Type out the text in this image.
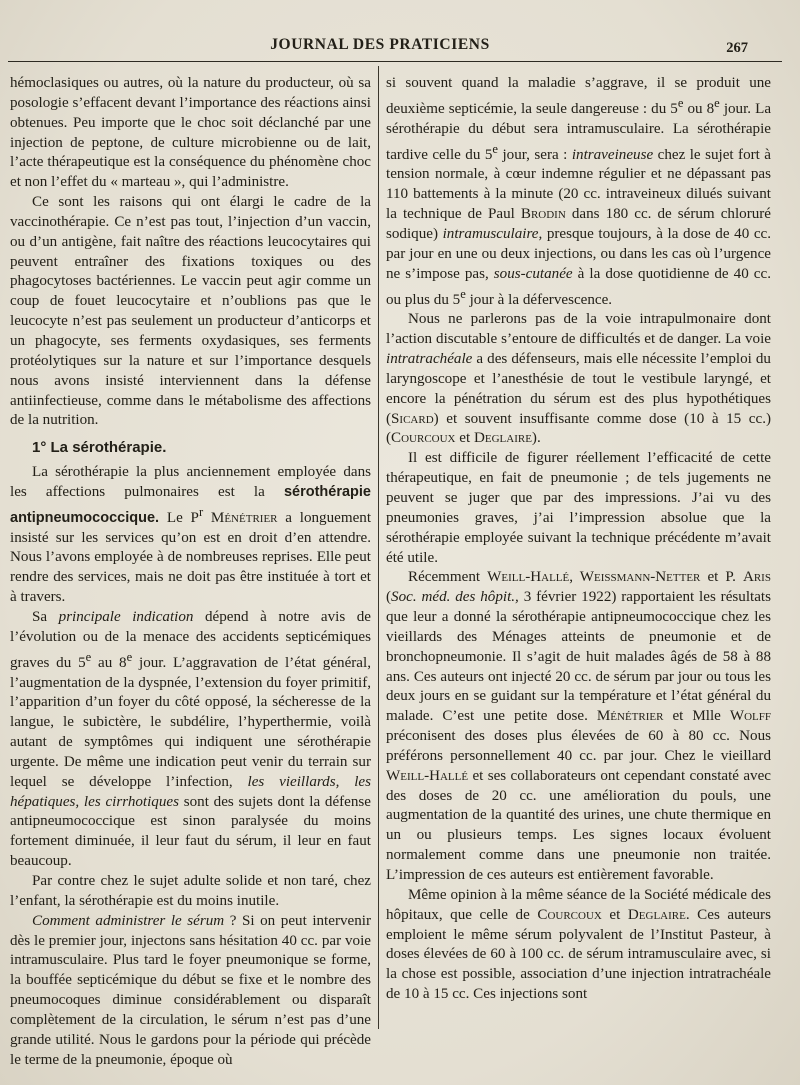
JOURNAL DES PRATICIENS	267

hémoclasiques ou autres, où la nature du producteur, où sa posologie s’effacent devant l’importance des réactions ainsi obtenues. Peu importe que le choc soit déclanché par une injection de peptone, de culture microbienne ou de lait, l’acte thérapeutique est la conséquence du phénomène choc et non l’effet du « marteau », qui l’administre.

Ce sont les raisons qui ont élargi le cadre de la vaccinothérapie. Ce n’est pas tout, l’injection d’un vaccin, ou d’un antigène, fait naître des réactions leucocytaires qui peuvent entraîner des fixations toxiques ou des phagocytoses bactériennes. Le vaccin peut agir comme un coup de fouet leucocytaire et n’oublions pas que le leucocyte n’est pas seulement un producteur d’anticorps et un phagocyte, ses ferments oxydasiques, ses ferments protéolytiques sur la nature et sur l’importance desquels nous avons insisté interviennent dans la défense antiinfectieuse, comme dans le métabolisme des affections de la nutrition.

1° La sérothérapie.

La sérothérapie la plus anciennement employée dans les affections pulmonaires est la sérothérapie antipneumococcique. Le $P^r$ Ménétrier a longuement insisté sur les services qu’on est en droit d’en attendre. Nous l’avons employée à de nombreuses reprises. Elle peut rendre des services, mais ne doit pas être instituée à tort et à travers.

Sa principale indication dépend à notre avis de l’évolution ou de la menace des accidents septicémiques graves du 5e au 8e jour. L’aggravation de l’état général, l’augmentation de la dyspnée, l’extension du foyer primitif, l’apparition d’un foyer du côté opposé, la sécheresse de la langue, le subictère, le subdélire, l’hyperthermie, voilà autant de symptômes qui indiquent une sérothérapie urgente. De même une indication peut venir du terrain sur lequel se développe l’infection, les vieillards, les hépatiques, les cirrhotiques sont des sujets dont la défense antipneumococcique est sinon paralysée du moins fortement diminuée, il leur faut du sérum, il leur en faut beaucoup.

Par contre chez le sujet adulte solide et non taré, chez l’enfant, la sérothérapie est du moins inutile.

Comment administrer le sérum ? Si on peut intervenir dès le premier jour, injectons sans hésitation 40 cc. par voie intramusculaire. Plus tard le foyer pneumonique se forme, la bouffée septicémique du début se fixe et le nombre des pneumocoques diminue considérablement ou disparaît complètement de la circulation, le sérum n’est pas d’une grande utilité. Nous le gardons pour la période qui précède le terme de la pneumonie, époque où

si souvent quand la maladie s’aggrave, il se produit une deuxième septicémie, la seule dangereuse : du 5e ou 8e jour. La sérothérapie du début sera intramusculaire. La sérothérapie tardive celle du 5e jour, sera : intraveineuse chez le sujet fort à tension normale, à cœur indemne régulier et ne dépassant pas 110 battements à la minute (20 cc. intraveineux dilués suivant la technique de Paul Brodin dans 180 cc. de sérum chloruré sodique) intramusculaire, presque toujours, à la dose de 40 cc. par jour en une ou deux injections, ou dans les cas où l’urgence ne s’impose pas, sous-cutanée à la dose quotidienne de 40 cc. ou plus du 5e jour à la défervescence.

Nous ne parlerons pas de la voie intrapulmonaire dont l’action discutable s’entoure de difficultés et de danger. La voie intratrachéale a des défenseurs, mais elle nécessite l’emploi du laryngoscope et l’anesthésie de tout le vestibule laryngé, et encore la pénétration du sérum est des plus hypothétiques (Sicard) et souvent insuffisante comme dose (10 à 15 cc.) (Courcoux et Deglaire).

Il est difficile de figurer réellement l’efficacité de cette thérapeutique, en fait de pneumonie ; de tels jugements ne peuvent se juger que par des impressions. J’ai vu des pneumonies graves, j’ai l’impression absolue que la sérothérapie employée suivant la technique précédente m’avait été utile.

Récemment Weill-Hallé, Weissmann-Netter et P. Aris (Soc. méd. des hôpit., 3 février 1922) rapportaient les résultats que leur a donné la sérothérapie antipneumococcique chez les vieillards des Ménages atteints de pneumonie et de bronchopneumonie. Il s’agit de huit malades âgés de 58 à 88 ans. Ces auteurs ont injecté 20 cc. de sérum par jour ou tous les deux jours en se guidant sur la température et l’état général du malade. C’est une petite dose. Ménétrier et Mlle Wolff préconisent des doses plus élevées de 60 à 80 cc. Nous préférons personnellement 40 cc. par jour. Chez le vieillard Weill-Hallé et ses collaborateurs ont cependant constaté avec des doses de 20 cc. une amélioration du pouls, une augmentation de la quantité des urines, une chute thermique en un ou plusieurs temps. Les signes locaux évoluent normalement comme dans une pneumonie non traitée. L’impression de ces auteurs est entièrement favorable.

Même opinion à la même séance de la Société médicale des hôpitaux, que celle de Courcoux et Deglaire. Ces auteurs emploient le même sérum polyvalent de l’Institut Pasteur, à doses élevées de 60 à 100 cc. de sérum intramusculaire avec, si la chose est possible, association d’une injection intratrachéale de 10 à 15 cc. Ces injections sont
